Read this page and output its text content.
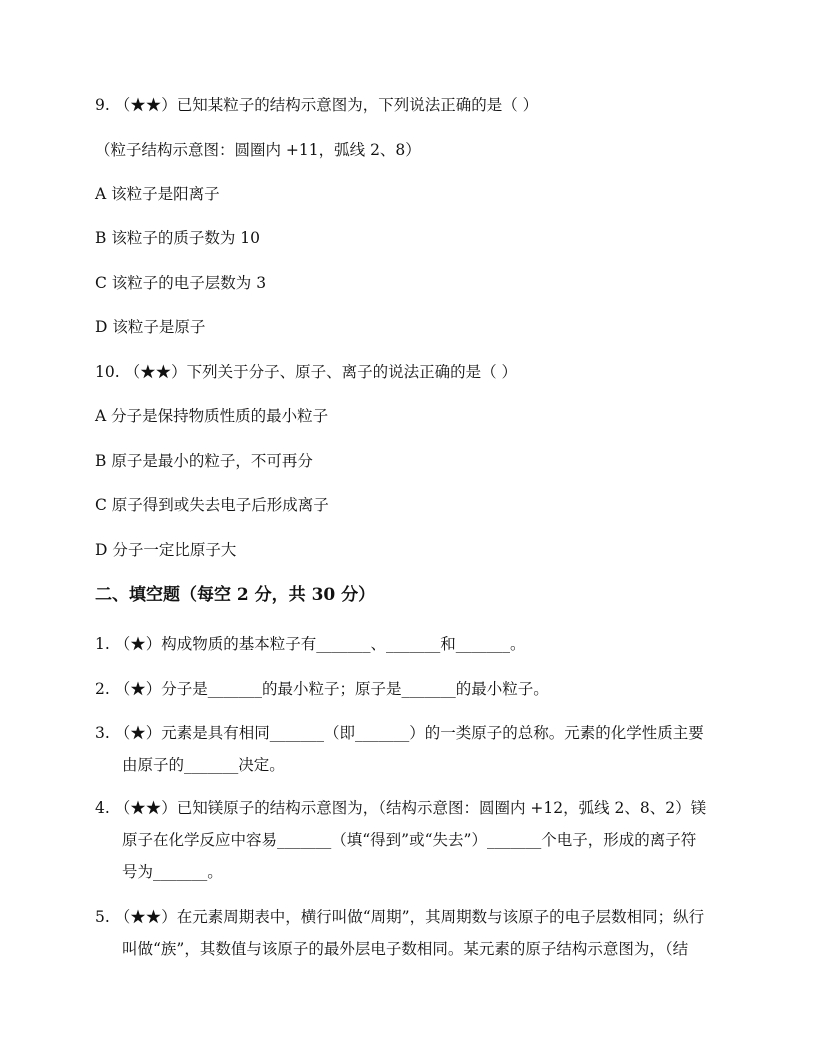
9. （★★）已知某粒子的结构示意图为，下列说法正确的是（ ）

（粒子结构示意图：圆圈内 +11，弧线 2、8）

A 该粒子是阳离子

B 该粒子的质子数为 10

C 该粒子的电子层数为 3

D 该粒子是原子

10. （★★）下列关于分子、原子、离子的说法正确的是（ ）

A 分子是保持物质性质的最小粒子

B 原子是最小的粒子，不可再分

C 原子得到或失去电子后形成离子

D 分子一定比原子大

二、填空题（每空 2 分，共 30 分）

1. （★）构成物质的基本粒子有_______、_______和_______。

2. （★）分子是_______的最小粒子；原子是_______的最小粒子。

3. （★）元素是具有相同_______（即_______）的一类原子的总称。元素的化学性质主要

由原子的_______决定。

4. （★★）已知镁原子的结构示意图为，（结构示意图：圆圈内 +12，弧线 2、8、2）镁

原子在化学反应中容易_______（填“得到”或“失去”）_______个电子，形成的离子符

号为_______。

5. （★★）在元素周期表中，横行叫做“周期”，其周期数与该原子的电子层数相同；纵行

叫做“族”，其数值与该原子的最外层电子数相同。某元素的原子结构示意图为，（结
